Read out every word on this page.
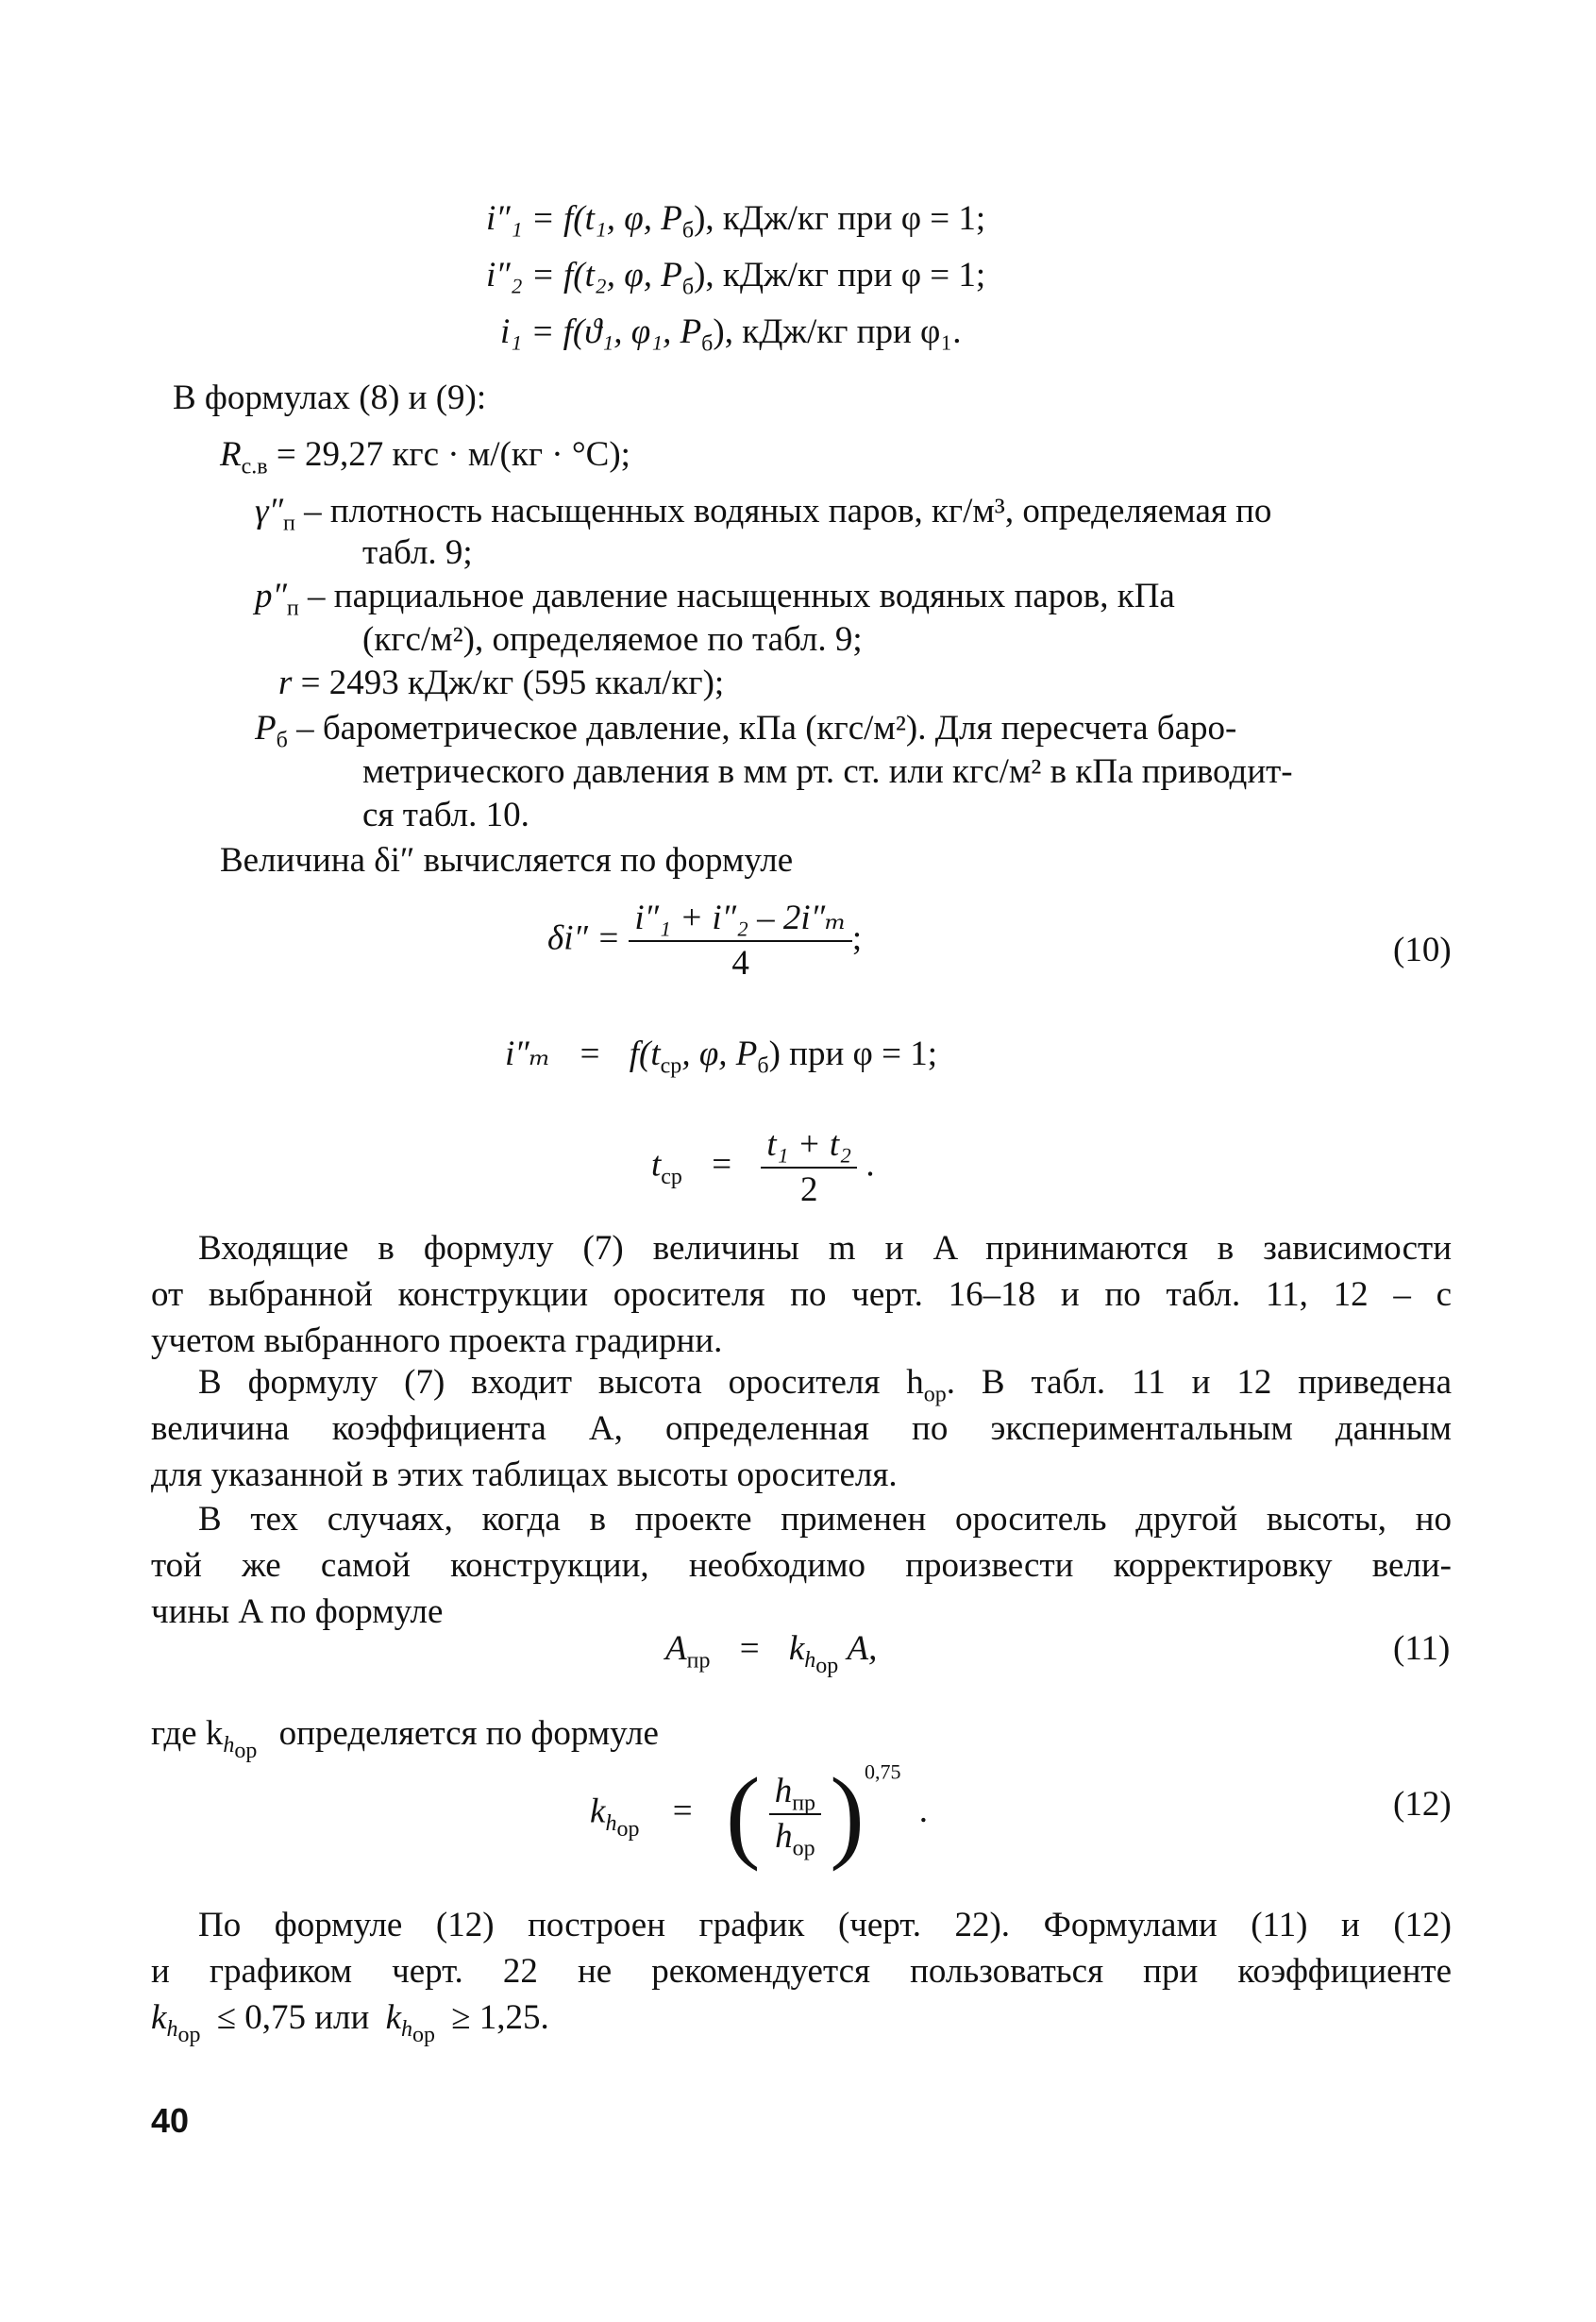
i″₁ = f(t₁, φ, $P_б$), кДж/кг при φ = 1;
i″₂ = f(t₂, φ, $P_б$), кДж/кг при φ = 1;
i₁ = f(ϑ₁, φ₁, $P_б$), кДж/кг при φ₁.
В формулах (8) и (9):
$R_{с.в} = 29,27$ кгс · м/(кг · °С);
$\gamma''_п$ – плотность насыщенных водяных паров, кг/м³, определяемая по
табл. 9;
$p''_п$ – парциальное давление насыщенных водяных паров, кПа
(кгс/м²), определяемое по табл. 9;
r = 2493 кДж/кг (595 ккал/кг);
$P_б$ – барометрическое давление, кПа (кгс/м²). Для пересчета баро-
метрического давления в мм рт. ст. или кгс/м² в кПа приводит-
ся табл. 10.
Величина δi″ вычисляется по формуле
$\delta i'' = \frac{\text{i″₁ + i″₂ – 2i″ₘ}}{4}$ ;	(10)
$i''_m = f(t_{ср}$, φ, $P_б$) при φ = 1;
$t_{ср} = \frac{\text{t₁ + t₂}}{2}$ .
Входящие в формулу (7) величины m и A принимаются в зависимости
от выбранной конструкции оросителя по черт. 16–18 и по табл. 11, 12 – с
учетом выбранного проекта градирни.
В формулу (7) входит высота оросителя $h_{ор}$. В табл. 11 и 12 приведена
величина коэффициента A, определенная по экспериментальным данным
для указанной в этих таблицах высоты оросителя.
В тех случаях, когда в проекте применен ороситель другой высоты, но
той же самой конструкции, необходимо произвести корректировку вели-
чины A по формуле
$A_{пр} = k_{h_{ор}}$ A,	(11)
где $k_{h_{ор}}$ определяется по формуле
$k_{h_{ор}}$ = ( $\frac{h_{пр}}{h_{ор}} )^{0,75}$ .	(12)
По формуле (12) построен график (черт. 22). Формулами (11) и (12)
и графиком черт. 22 не рекомендуется пользоваться при коэффициенте
$k_{h_{ор}} \le 0,75$ или $k_{h_{ор}} \ge 1,25$.
40
